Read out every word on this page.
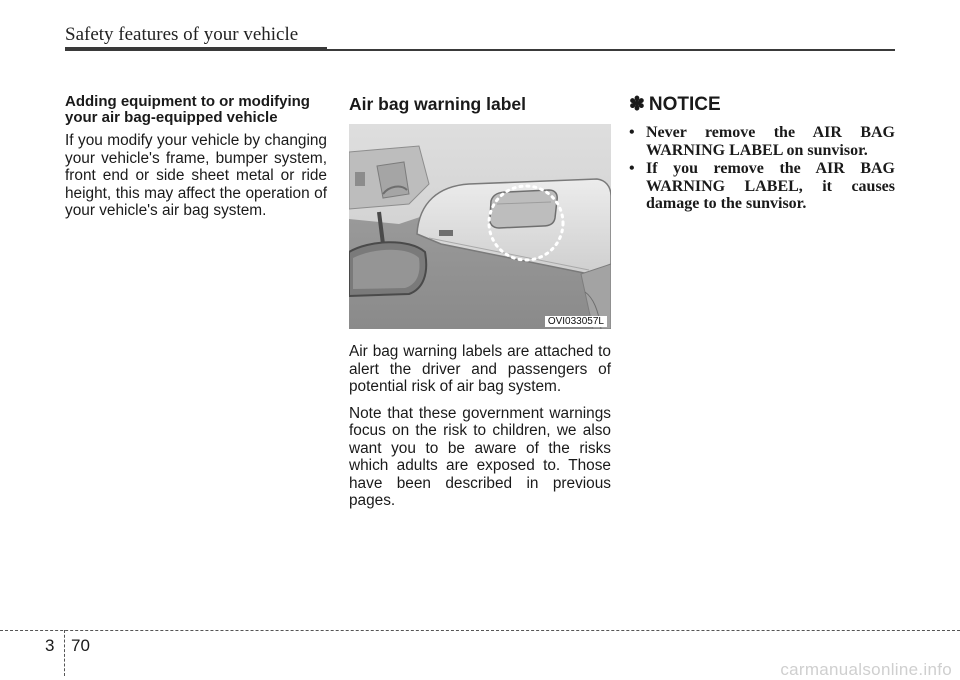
Safety features of your vehicle
Adding equipment to or modifying your air bag-equipped vehicle

If you modify your vehicle by changing your vehicle's frame, bumper system, front end or side sheet metal or ride height, this may affect the operation of your vehicle's air bag system.

Air bag warning label
OVI033057L

Air bag warning labels are attached to alert the driver and passengers of potential risk of air bag system.

Note that these government warnings focus on the risk to children, we also want you to be aware of the risks which adults are exposed to. Those have been described in previous pages.

✽ NOTICE
• Never remove the AIR BAG WARNING LABEL on sunvisor.
• If you remove the AIR BAG WARNING LABEL, it causes damage to the sunvisor.
3 70
carmanualsonline.info
